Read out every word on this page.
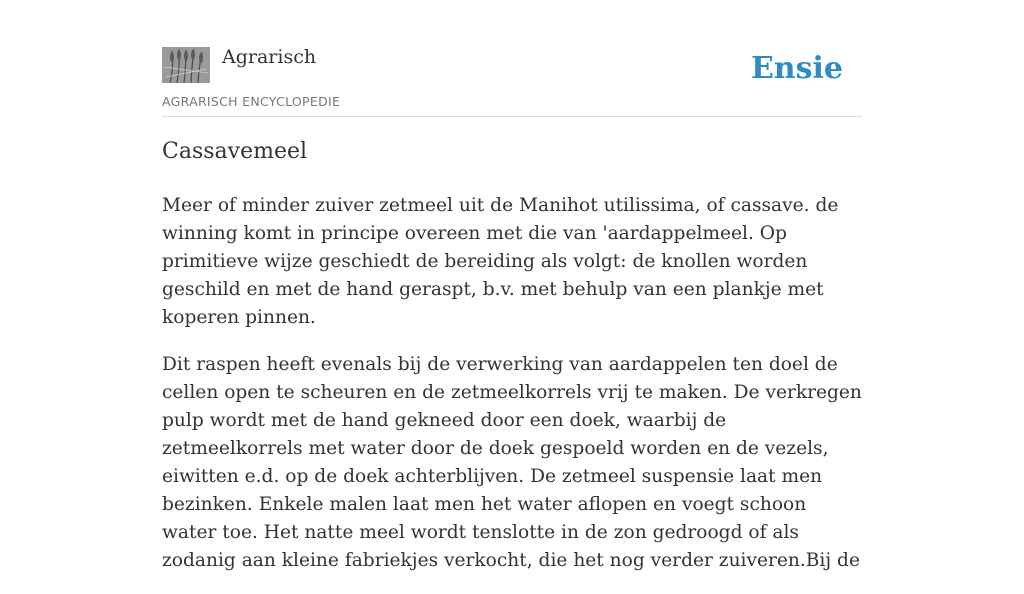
Agrarisch
AGRARISCH ENCYCLOPEDIE
Ensie
Cassavemeel

Meer of minder zuiver zetmeel uit de Manihot utilissima, of cassave. de winning komt in principe overeen met die van 'aardappelmeel. Op primitieve wijze geschiedt de bereiding als volgt: de knollen worden geschild en met de hand geraspt, b.v. met behulp van een plankje met koperen pinnen.

Dit raspen heeft evenals bij de verwerking van aardappelen ten doel de cellen open te scheuren en de zetmeelkorrels vrij te maken. De verkregen pulp wordt met de hand gekneed door een doek, waarbij de zetmeelkorrels met water door de doek gespoeld worden en de vezels, eiwitten e.d. op de doek achterblijven. De zetmeel suspensie laat men bezinken. Enkele malen laat men het water aflopen en voegt schoon water toe. Het natte meel wordt tenslotte in de zon gedroogd of als zodanig aan kleine fabriekjes verkocht, die het nog verder zuiveren.Bij de
